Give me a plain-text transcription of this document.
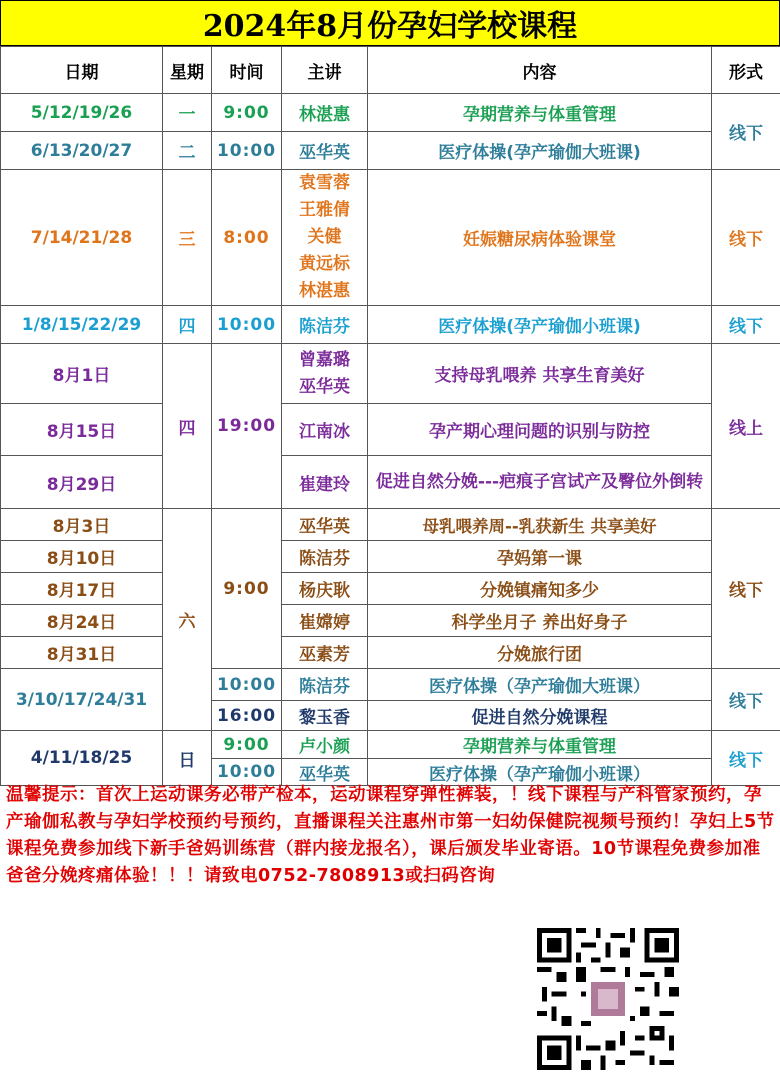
2024年8月份孕妇学校课程
日期	星期	时间	主讲	内容	形式
5/12/19/26	一	9:00	林湛惠	孕期营养与体重管理	线下
6/13/20/27	二	10:00	巫华英	医疗体操(孕产瑜伽大班课)	
7/14/21/28	三	8:00	袁雪蓉
王雅倩
关健
黄远标
林湛惠	妊娠糖尿病体验课堂	线下
1/8/15/22/29	四	10:00	陈洁芬	医疗体操(孕产瑜伽小班课)	线下
8月1日	四	19:00	曾嘉璐
巫华英	支持母乳喂养 共享生育美好	线上
8月15日			江南冰	孕产期心理问题的识别与防控	
8月29日			崔建玲	促进自然分娩---疤痕子宫试产及臀位外倒转	
8月3日	六	9:00	巫华英	母乳喂养周--乳获新生 共享美好	线下
8月10日			陈洁芬	孕妈第一课	
8月17日			杨庆耿	分娩镇痛知多少	
8月24日			崔嫦婷	科学坐月子 养出好身子	
8月31日			巫素芳	分娩旅行团	
3/10/17/24/31		10:00	陈洁芬	医疗体操（孕产瑜伽大班课）	线下
		16:00	黎玉香	促进自然分娩课程	
4/11/18/25	日	9:00	卢小颜	孕期营养与体重管理	线下
		10:00	巫华英	医疗体操（孕产瑜伽小班课）	
温馨提示：首次上运动课务必带产检本，运动课程穿弹性裤装，！线下课程与产科管家预约，孕产瑜伽私教与孕妇学校预约号预约，直播课程关注惠州市第一妇幼保健院视频号预约！孕妇上5节课程免费参加线下新手爸妈训练营（群内接龙报名），课后颁发毕业寄语。10节课程免费参加准爸爸分娩疼痛体验！！！请致电0752-7808913或扫码咨询
